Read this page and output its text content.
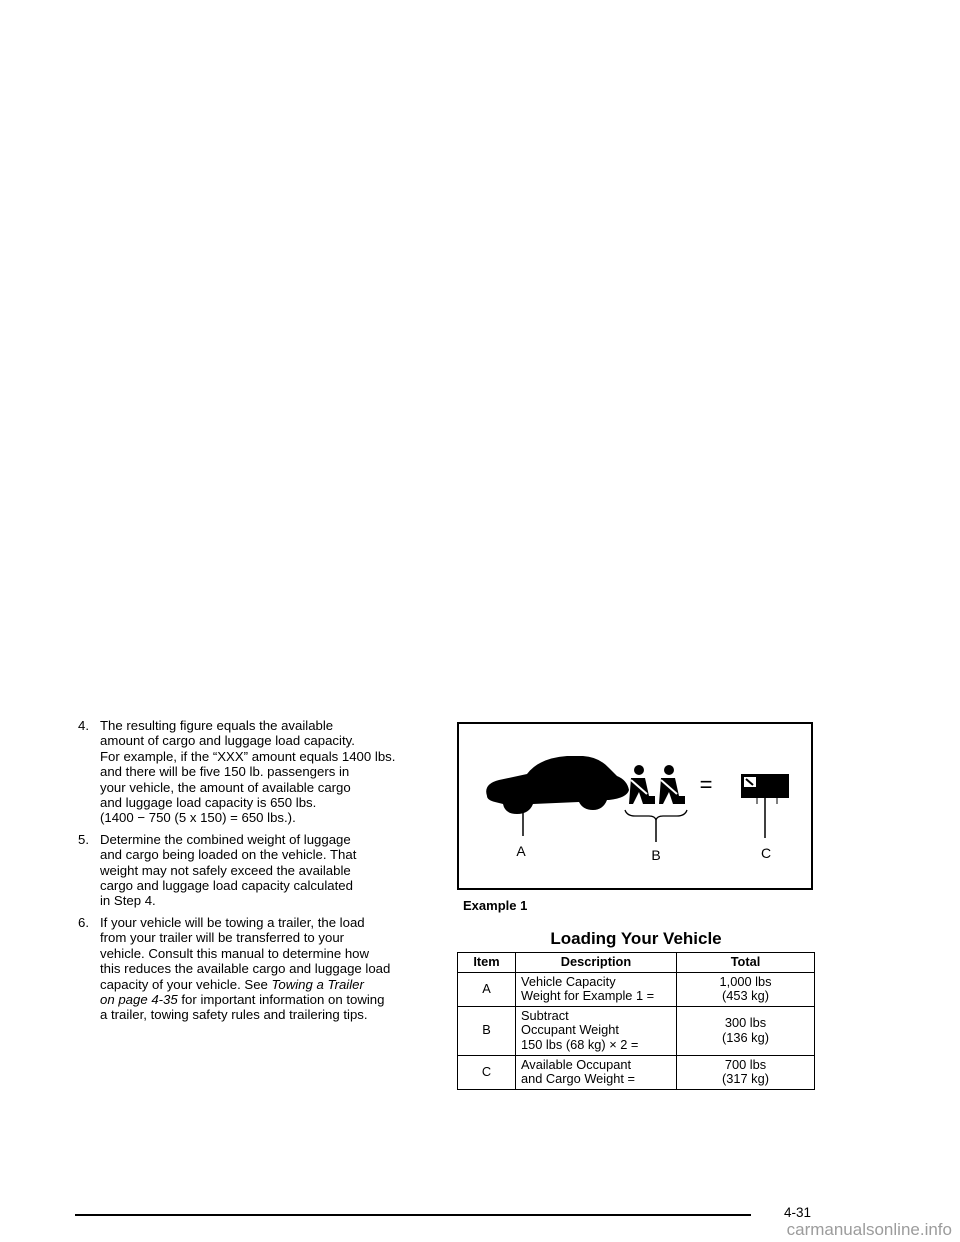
4. The resulting figure equals the available
amount of cargo and luggage load capacity.
For example, if the “XXX” amount equals 1400 lbs.
and there will be five 150 lb. passengers in
your vehicle, the amount of available cargo
and luggage load capacity is 650 lbs.
(1400 − 750 (5 x 150) = 650 lbs.).
5. Determine the combined weight of luggage
and cargo being loaded on the vehicle. That
weight may not safely exceed the available
cargo and luggage load capacity calculated
in Step 4.
6. If your vehicle will be towing a trailer, the load
from your trailer will be transferred to your
vehicle. Consult this manual to determine how
this reduces the available cargo and luggage load
capacity of your vehicle. See Towing a Trailer
on page 4-35 for important information on towing
a trailer, towing safety rules and trailering tips.
A
−
B
=
C
Example 1
Loading Your Vehicle
Item	Description	Total
A	Vehicle Capacity
Weight for Example 1 =	1,000 lbs
(453 kg)
B	Subtract
Occupant Weight
150 lbs (68 kg) × 2 =	300 lbs
(136 kg)
C	Available Occupant
and Cargo Weight =	700 lbs
(317 kg)
4-31
carmanualsonline.info
